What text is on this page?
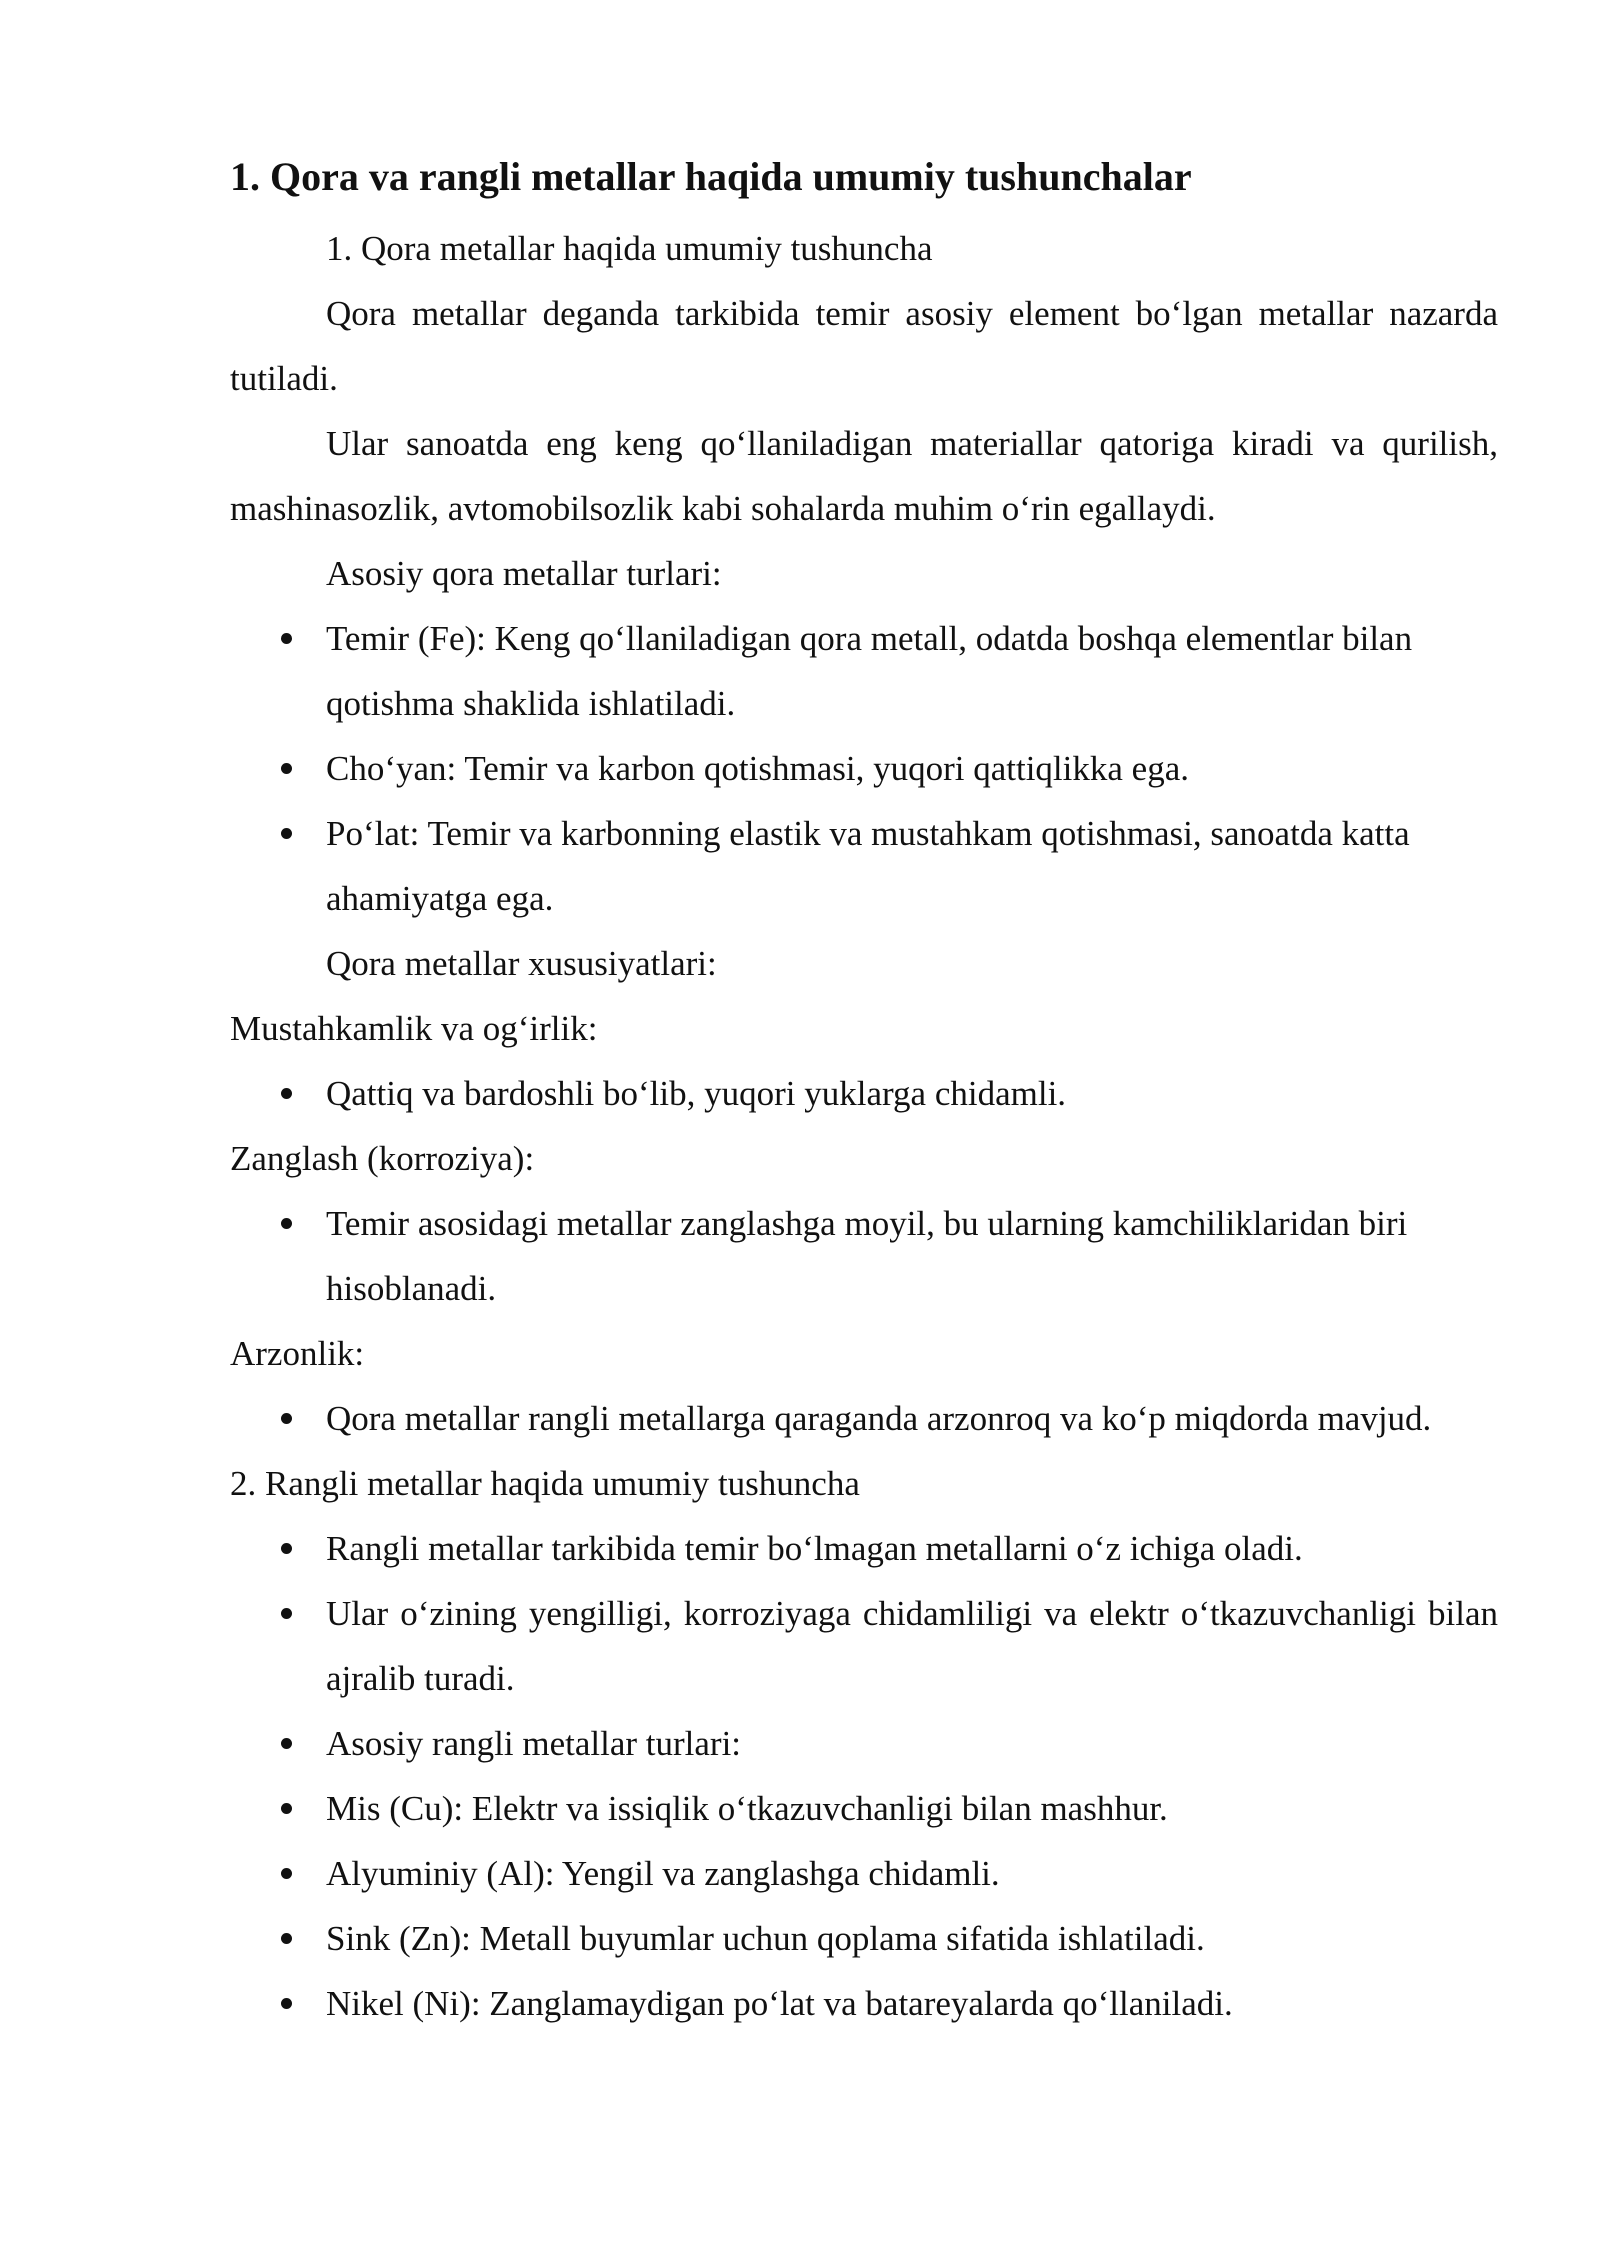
1. Qora va rangli metallar haqida umumiy tushunchalar

1. Qora metallar haqida umumiy tushuncha

Qora metallar deganda tarkibida temir asosiy element bo‘lgan metallar nazarda tutiladi.

Ular sanoatda eng keng qo‘llaniladigan materiallar qatoriga kiradi va qurilish, mashinasozlik, avtomobilsozlik kabi sohalarda muhim o‘rin egallaydi.

Asosiy qora metallar turlari:

Temir (Fe): Keng qo‘llaniladigan qora metall, odatda boshqa elementlar bilan qotishma shaklida ishlatiladi.
Cho‘yan: Temir va karbon qotishmasi, yuqori qattiqlikka ega.
Po‘lat: Temir va karbonning elastik va mustahkam qotishmasi, sanoatda katta ahamiyatga ega.

Qora metallar xususiyatlari:

Mustahkamlik va og‘irlik:

Qattiq va bardoshli bo‘lib, yuqori yuklarga chidamli.

Zanglash (korroziya):

Temir asosidagi metallar zanglashga moyil, bu ularning kamchiliklaridan biri hisoblanadi.

Arzonlik:

Qora metallar rangli metallarga qaraganda arzonroq va ko‘p miqdorda mavjud.

2. Rangli metallar haqida umumiy tushuncha

Rangli metallar tarkibida temir bo‘lmagan metallarni o‘z ichiga oladi.
Ular o‘zining yengilligi, korroziyaga chidamliligi va elektr o‘tkazuvchanligi bilan ajralib turadi.
Asosiy rangli metallar turlari:
Mis (Cu): Elektr va issiqlik o‘tkazuvchanligi bilan mashhur.
Alyuminiy (Al): Yengil va zanglashga chidamli.
Sink (Zn): Metall buyumlar uchun qoplama sifatida ishlatiladi.
Nikel (Ni): Zanglamaydigan po‘lat va batareyalarda qo‘llaniladi.
